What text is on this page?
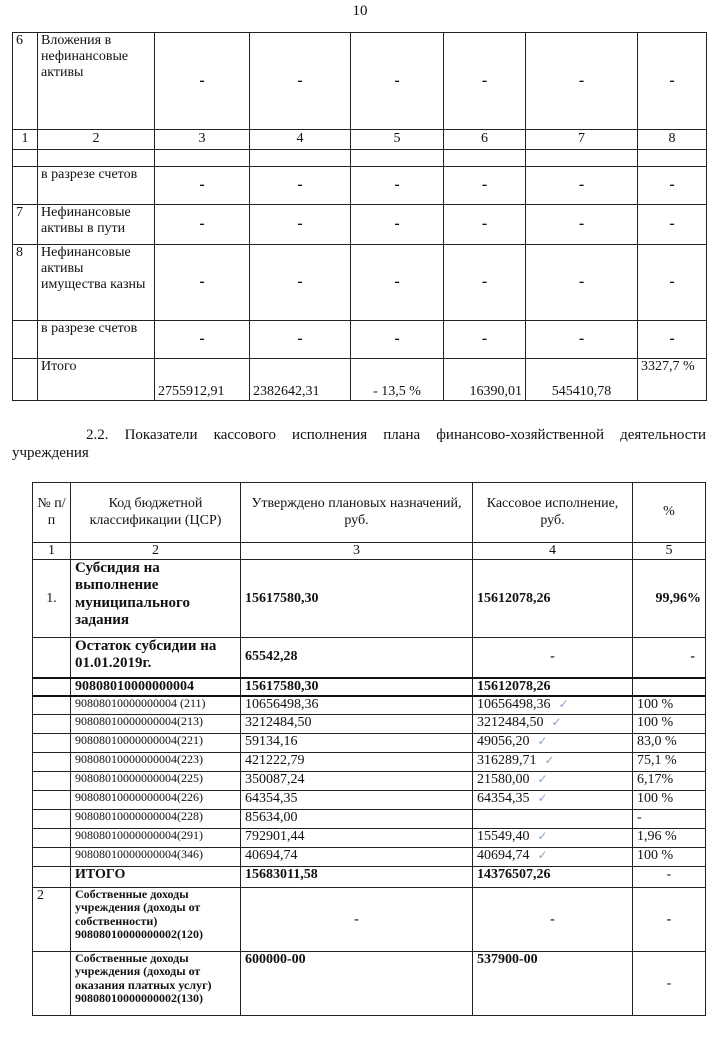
10
6	Вложения в нефинансовые активы	-	-	-	-	-	-
1	2	3	4	5	6	7	8

	в разрезе счетов	-	-	-	-	-	-
7	Нефинансовые активы в пути	-	-	-	-	-	-
8	Нефинансовые активы имущества казны	-	-	-	-	-	-
	в разрезе счетов	-	-	-	-	-	-
	Итого	2755912,91	2382642,31	- 13,5 %	16390,01	545410,78	3327,7 %
2.2. Показатели кассового исполнения плана финансово-хозяйственной деятельности учреждения
№ п/п	Код бюджетной классификации (ЦСР)	Утверждено плановых назначений, руб.	Кассовое исполнение, руб.	%
1	2	3	4	5
1.	Субсидия на выполнение муниципального задания	15617580,30	15612078,26	99,96%
	Остаток субсидии на 01.01.2019г.	65542,28	-	-
	90808010000000004	15617580,30	15612078,26	
	90808010000000004 (211)	10656498,36	10656498,36 ✓	100 %
	90808010000000004(213)	3212484,50	3212484,50 ✓	100 %
	90808010000000004(221)	59134,16	49056,20 ✓	83,0 %
	90808010000000004(223)	421222,79	316289,71 ✓	75,1 %
	90808010000000004(225)	350087,24	21580,00 ✓	6,17%
	90808010000000004(226)	64354,35	64354,35 ✓	100 %
	90808010000000004(228)	85634,00		-
	90808010000000004(291)	792901,44	15549,40 ✓	1,96 %
	90808010000000004(346)	40694,74	40694,74 ✓	100 %
	ИТОГО	15683011,58	14376507,26	-
2	Собственные доходы учреждения (доходы от собственности) 90808010000000002(120)	-	-	-
	Собственные доходы учреждения (доходы от оказания платных услуг) 90808010000000002(130)	600000-00	537900-00	-
